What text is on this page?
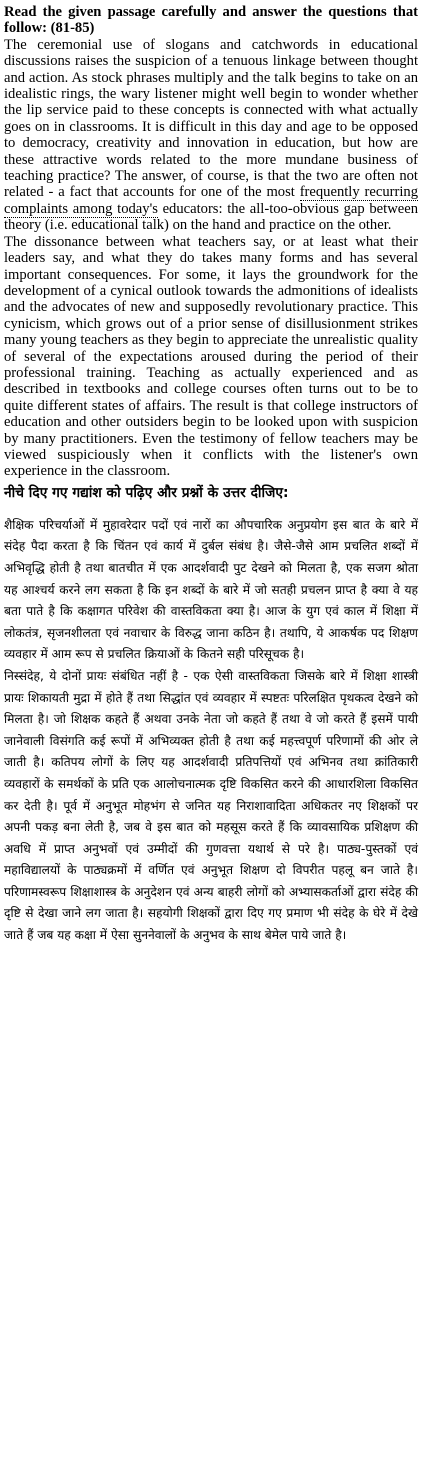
Read the given passage carefully and answer the questions that follow: (81-85)

The ceremonial use of slogans and catchwords in educational discussions raises the suspicion of a tenuous linkage between thought and action. As stock phrases multiply and the talk begins to take on an idealistic rings, the wary listener might well begin to wonder whether the lip service paid to these concepts is connected with what actually goes on in classrooms. It is difficult in this day and age to be opposed to democracy, creativity and innovation in education, but how are these attractive words related to the more mundane business of teaching practice? The answer, of course, is that the two are often not related - a fact that accounts for one of the most frequently recurring complaints among today's educators: the all-too-obvious gap between theory (i.e. educational talk) on the hand and practice on the other.

The dissonance between what teachers say, or at least what their leaders say, and what they do takes many forms and has several important consequences. For some, it lays the groundwork for the development of a cynical outlook towards the admonitions of idealists and the advocates of new and supposedly revolutionary practice. This cynicism, which grows out of a prior sense of disillusionment strikes many young teachers as they begin to appreciate the unrealistic quality of several of the expectations aroused during the period of their professional training. Teaching as actually experienced and as described in textbooks and college courses often turns out to be to quite different states of affairs. The result is that college instructors of education and other outsiders begin to be looked upon with suspicion by many practitioners. Even the testimony of fellow teachers may be viewed suspiciously when it conflicts with the listener's own experience in the classroom.

नीचे दिए गए गद्यांश को पढ़िए और प्रश्नों के उत्तर दीजिए:

शैक्षिक परिचर्याओं में मुहावरेदार पदों एवं नारों का औपचारिक अनुप्रयोग इस बात के बारे में संदेह पैदा करता है कि चिंतन एवं कार्य में दुर्बल संबंध है। जैसे-जैसे आम प्रचलित शब्दों में अभिवृद्धि होती है तथा बातचीत में एक आदर्शवादी पुट देखने को मिलता है, एक सजग श्रोता यह आश्चर्य करने लग सकता है कि इन शब्दों के बारे में जो सतही प्रचलन प्राप्त है क्या वे यह बता पाते है कि कक्षागत परिवेश की वास्तविकता क्या है। आज के युग एवं काल में शिक्षा में लोकतंत्र, सृजनशीलता एवं नवाचार के विरुद्ध जाना कठिन है। तथापि, ये आकर्षक पद शिक्षण व्यवहार में आम रूप से प्रचलित क्रियाओं के कितने सही परिसूचक है।

निस्संदेह, ये दोनों प्रायः संबंधित नहीं है - एक ऐसी वास्तविकता जिसके बारे में शिक्षा शास्त्री प्रायः शिकायती मुद्रा में होते हैं तथा सिद्धांत एवं व्यवहार में स्पष्टतः परिलक्षित पृथकत्व देखने को मिलता है। जो शिक्षक कहते हैं अथवा उनके नेता जो कहते हैं तथा वे जो करते हैं इसमें पायी जानेवाली विसंगति कई रूपों में अभिव्यक्त होती है तथा कई महत्त्वपूर्ण परिणामों की ओर ले जाती है। कतिपय लोगों के लिए यह आदर्शवादी प्रतिपत्तियों एवं अभिनव तथा क्रांतिकारी व्यवहारों के समर्थकों के प्रति एक आलोचनात्मक दृष्टि विकसित करने की आधारशिला विकसित कर देती है। पूर्व में अनुभूत मोहभंग से जनित यह निराशावादिता अधिकतर नए शिक्षकों पर अपनी पकड़ बना लेती है, जब वे इस बात को महसूस करते हैं कि व्यावसायिक प्रशिक्षण की अवधि में प्राप्त अनुभवों एवं उम्मीदों की गुणवत्ता यथार्थ से परे है। पाठ्य-पुस्तकों एवं महाविद्यालयों के पाठ्यक्रमों में वर्णित एवं अनुभूत शिक्षण दो विपरीत पहलू बन जाते है। परिणामस्वरूप शिक्षाशास्त्र के अनुदेशन एवं अन्य बाहरी लोगों को अभ्यासकर्ताओं द्वारा संदेह की दृष्टि से देखा जाने लग जाता है। सहयोगी शिक्षकों द्वारा दिए गए प्रमाण भी संदेह के घेरे में देखे जाते हैं जब यह कक्षा में ऐसा सुननेवालों के अनुभव के साथ बेमेल पाये जाते है।
